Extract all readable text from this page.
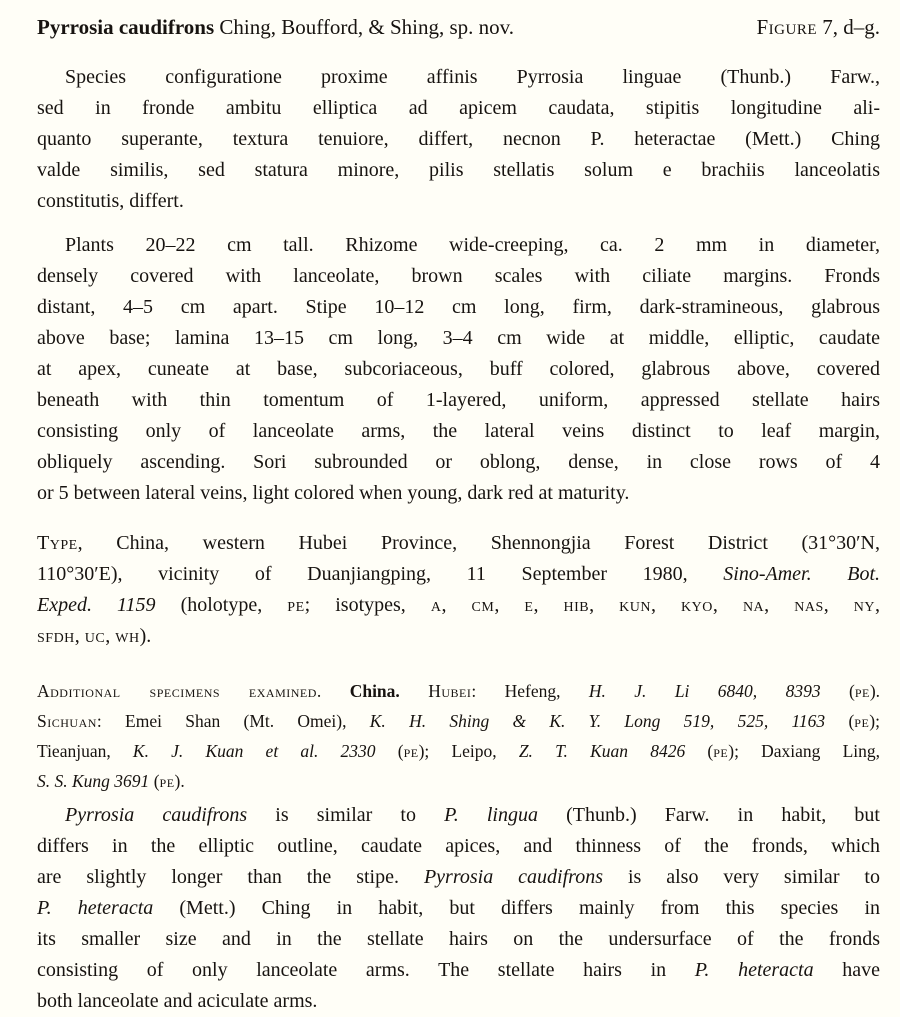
Pyrrosia caudifrons Ching, Boufford, & Shing, sp. nov.	Figure 7, d–g.
Species configuratione proxime affinis Pyrrosia linguae (Thunb.) Farw.,
sed in fronde ambitu elliptica ad apicem caudata, stipitis longitudine ali-
quanto superante, textura tenuiore, differt, necnon P. heteractae (Mett.) Ching
valde similis, sed statura minore, pilis stellatis solum e brachiis lanceolatis
constitutis, differt.
Plants 20–22 cm tall. Rhizome wide-creeping, ca. 2 mm in diameter,
densely covered with lanceolate, brown scales with ciliate margins. Fronds
distant, 4–5 cm apart. Stipe 10–12 cm long, firm, dark-stramineous, glabrous
above base; lamina 13–15 cm long, 3–4 cm wide at middle, elliptic, caudate
at apex, cuneate at base, subcoriaceous, buff colored, glabrous above, covered
beneath with thin tomentum of 1-layered, uniform, appressed stellate hairs
consisting only of lanceolate arms, the lateral veins distinct to leaf margin,
obliquely ascending. Sori subrounded or oblong, dense, in close rows of 4
or 5 between lateral veins, light colored when young, dark red at maturity.
Type, China, western Hubei Province, Shennongjia Forest District (31°30′N,
110°30′E), vicinity of Duanjiangping, 11 September 1980, Sino-Amer. Bot.
Exped. 1159 (holotype, pe; isotypes, a, cm, e, hib, kun, kyo, na, nas, ny,
sfdh, uc, wh).
Additional specimens examined. China. Hubei: Hefeng, H. J. Li 6840, 8393 (pe).
Sichuan: Emei Shan (Mt. Omei), K. H. Shing & K. Y. Long 519, 525, 1163 (pe);
Tieanjuan, K. J. Kuan et al. 2330 (pe); Leipo, Z. T. Kuan 8426 (pe); Daxiang Ling,
S. S. Kung 3691 (pe).
Pyrrosia caudifrons is similar to P. lingua (Thunb.) Farw. in habit, but
differs in the elliptic outline, caudate apices, and thinness of the fronds, which
are slightly longer than the stipe. Pyrrosia caudifrons is also very similar to
P. heteracta (Mett.) Ching in habit, but differs mainly from this species in
its smaller size and in the stellate hairs on the undersurface of the fronds
consisting of only lanceolate arms. The stellate hairs in P. heteracta have
both lanceolate and aciculate arms.
